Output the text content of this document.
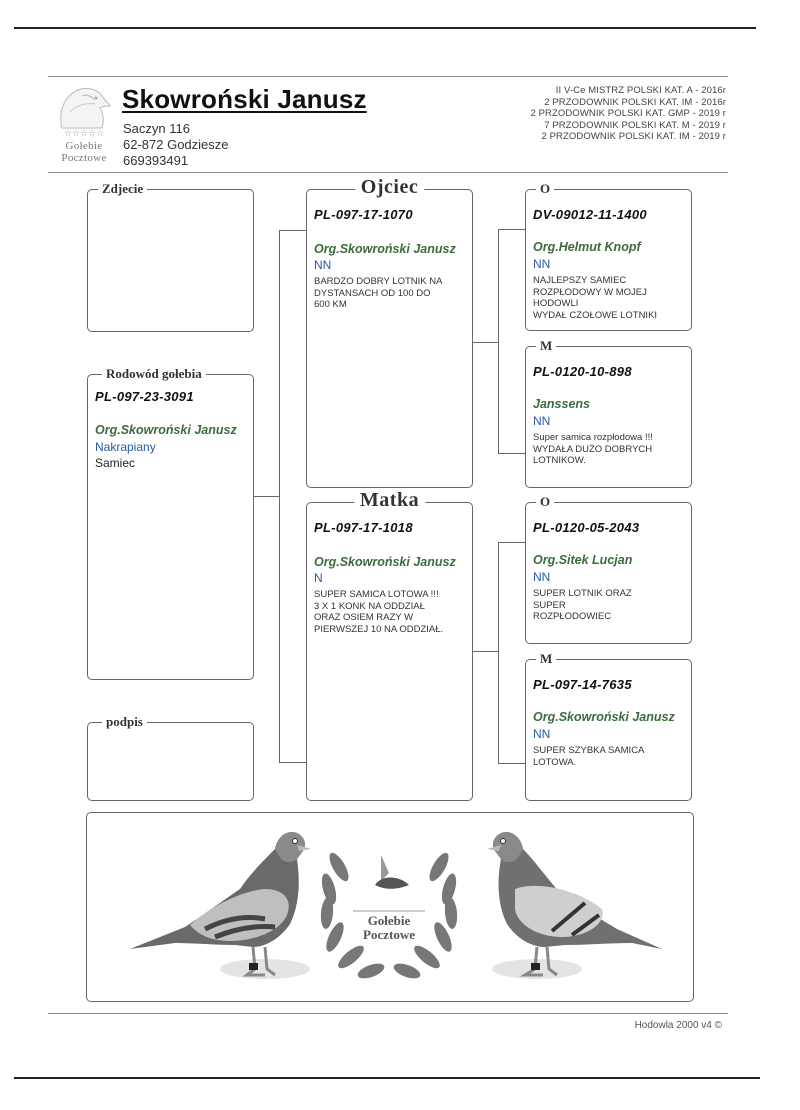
☆☆☆☆☆
Gołebie
Pocztowe
Skowroński Janusz
Saczyn 116
62-872 Godziesze
669393491
II V-Ce MISTRZ POLSKI KAT. A - 2016r
2 PRZODOWNIK POLSKI KAT. IM - 2016r
2 PRZODOWNIK POLSKI KAT. GMP - 2019 r
7 PRZODOWNIK POLSKI KAT. M - 2019 r
2 PRZODOWNIK POLSKI KAT. IM - 2019 r
Zdjecie
Rodowód gołebia
PL-097-23-3091
Org.Skowroński Janusz
Nakrapiany
Samiec
podpis
Ojciec
PL-097-17-1070
Org.Skowroński Janusz
NN
BARDZO DOBRY LOTNIK NA
DYSTANSACH OD 100 DO
600 KM
Matka
PL-097-17-1018
Org.Skowroński Janusz
N
SUPER SAMICA LOTOWA !!!
3 X 1 KONK NA ODDZIAŁ
ORAZ OSIEM RAZY W
PIERWSZEJ 10 NA ODDZIAŁ.
O
DV-09012-11-1400
Org.Helmut Knopf
NN
NAJLEPSZY SAMIEC
ROZPŁODOWY W MOJEJ
HODOWLI
WYDAŁ CZOŁOWE LOTNIKI
M
PL-0120-10-898
Janssens
NN
Super samica rozpłodowa !!!
WYDAŁA DUŻO DOBRYCH
LOTNIKOW.
O
PL-0120-05-2043
Org.Sitek Lucjan
NN
SUPER LOTNIK ORAZ
SUPER
ROZPŁODOWIEC
M
PL-097-14-7635
Org.Skowroński Janusz
NN
SUPER SZYBKA SAMICA
LOTOWA.
Gołebie
Pocztowe
Hodowla 2000 v4 ©
